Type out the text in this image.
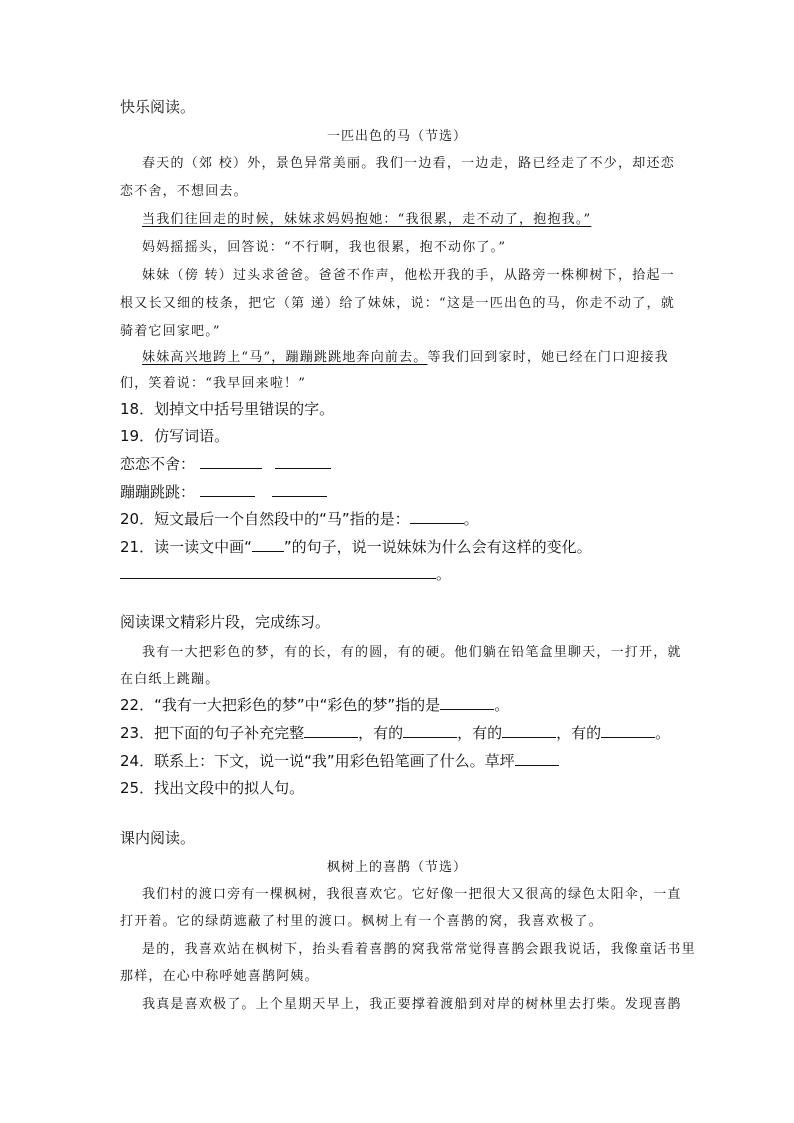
快乐阅读。
一匹出色的马（节选）
春天的（郊 校）外，景色异常美丽。我们一边看，一边走，路已经走了不少，却还恋
恋不舍，不想回去。
当我们往回走的时候，妹妹求妈妈抱她：“我很累，走不动了，抱抱我。”
妈妈摇摇头，回答说：“不行啊，我也很累，抱不动你了。”
妹妹（傍 转）过头求爸爸。爸爸不作声，他松开我的手，从路旁一株柳树下，拾起一
根又长又细的枝条，把它（第 递）给了妹妹，说：“这是一匹出色的马，你走不动了，就
骑着它回家吧。”
妹妹高兴地跨上“马”，蹦蹦跳跳地奔向前去。等我们回到家时，她已经在门口迎接我
们，笑着说：“我早回来啦！”
18．划掉文中括号里错误的字。
19．仿写词语。
恋恋不舍：
蹦蹦跳跳：
20．短文最后一个自然段中的“马”指的是：	。
21．读一读文中画“ ”的句子，说一说妹妹为什么会有这样的变化。
。
阅读课文精彩片段，完成练习。
我有一大把彩色的梦，有的长，有的圆，有的硬。他们躺在铅笔盒里聊天，一打开，就
在白纸上跳蹦。
22．“我有一大把彩色的梦”中“彩色的梦”指的是	。
23．把下面的句子补充完整	，有的	，有的	，有的	。
24．联系上：下文，说一说“我”用彩色铅笔画了什么。草坪
25．找出文段中的拟人句。
课内阅读。
枫树上的喜鹊（节选）
我们村的渡口旁有一棵枫树，我很喜欢它。它好像一把很大又很高的绿色太阳伞，一直
打开着。它的绿荫遮蔽了村里的渡口。枫树上有一个喜鹊的窝，我喜欢极了。
是的，我喜欢站在枫树下，抬头看着喜鹊的窝我常常觉得喜鹊会跟我说话，我像童话书里
那样，在心中称呼她喜鹊阿姨。
我真是喜欢极了。上个星期天早上，我正要撑着渡船到对岸的树林里去打柴。发现喜鹊
